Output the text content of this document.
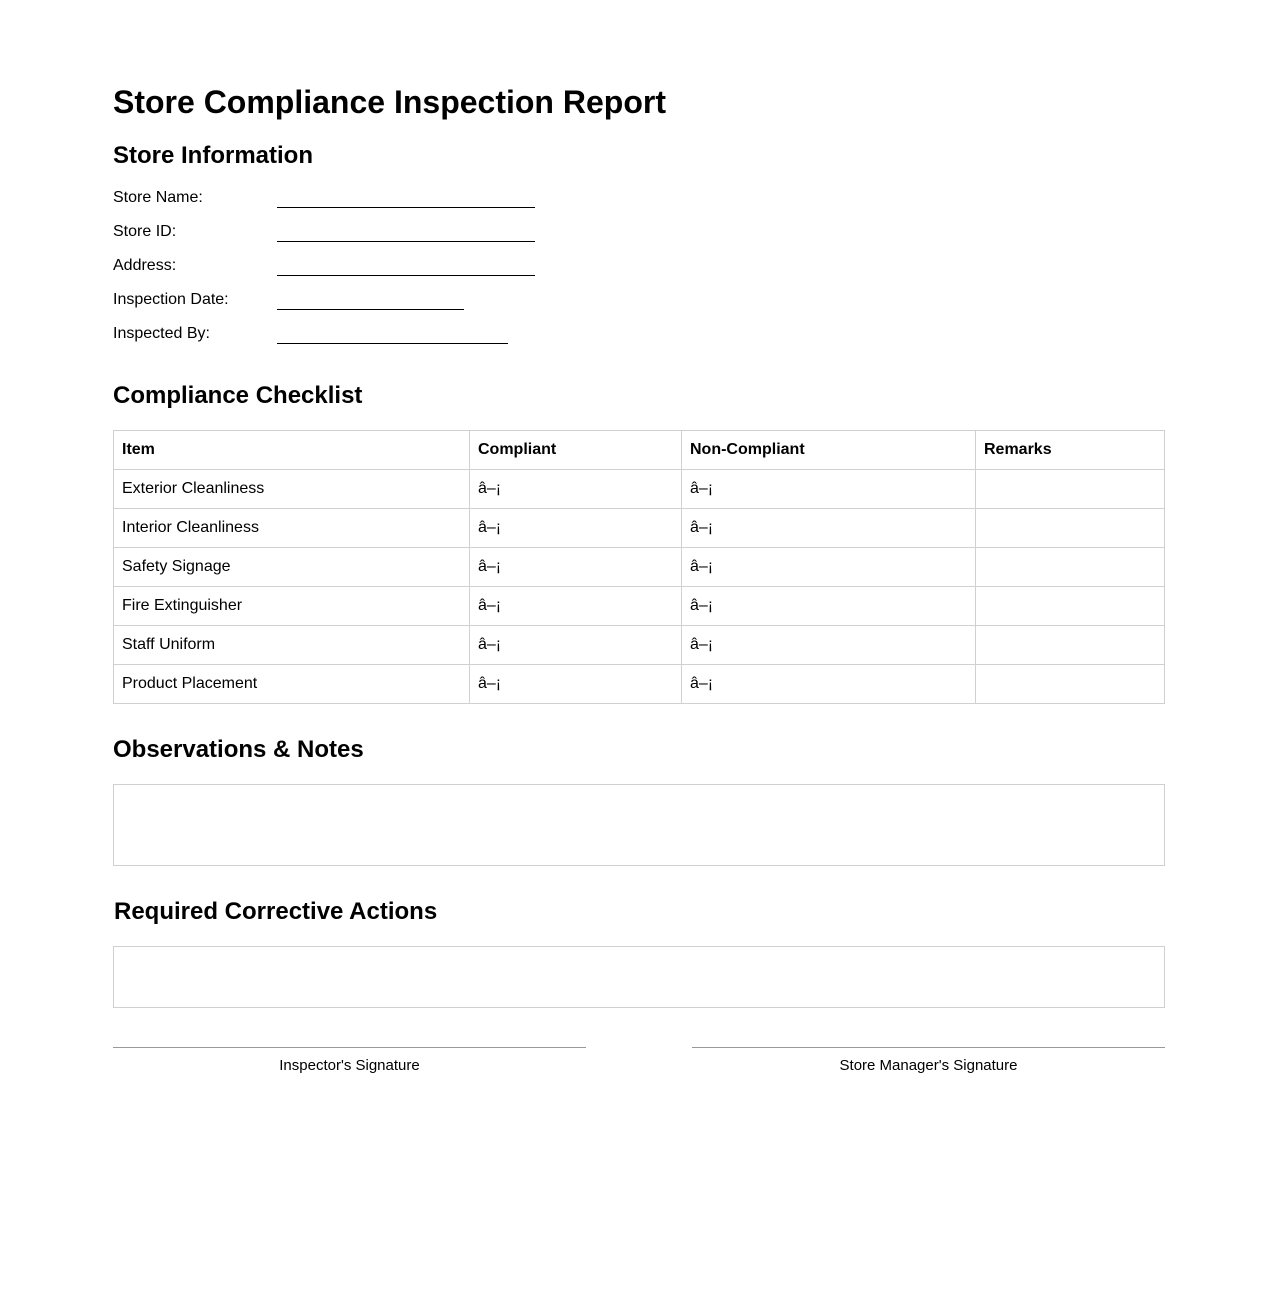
Store Compliance Inspection Report
Store Information
Store Name:
Store ID:
Address:
Inspection Date:
Inspected By:
Compliance Checklist
Item	Compliant	Non-Compliant	Remarks
Exterior Cleanliness	â–¡	â–¡	
Interior Cleanliness	â–¡	â–¡	
Safety Signage	â–¡	â–¡	
Fire Extinguisher	â–¡	â–¡	
Staff Uniform	â–¡	â–¡	
Product Placement	â–¡	â–¡	
Observations & Notes
Required Corrective Actions
Inspector's Signature	Store Manager's Signature
